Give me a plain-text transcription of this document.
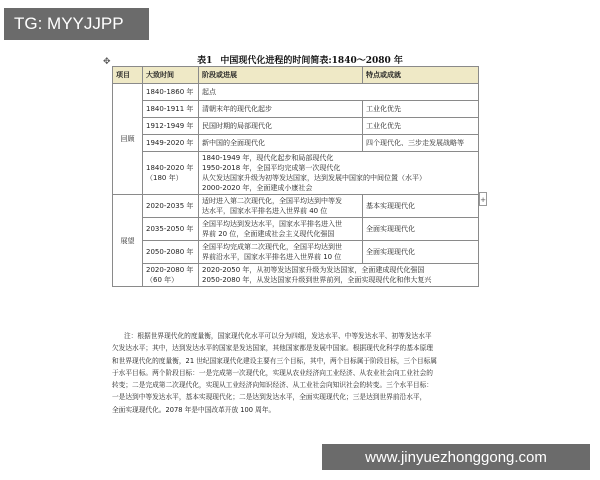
TG: MYYJJPP
✥	表1 中国现代化进程的时间简表:1840～2080 年
项目	大致时间	阶段或进展	特点或成就
回顾	1840-1860 年	起点	
	1840-1911 年	清朝末年的现代化起步	工业化优先
	1912-1949 年	民国时期的局部现代化	工业化优先
	1949-2020 年	新中国的全面现代化	四个现代化、三步走发展战略等

	1840-2020 年
（180 年）	1840-1949 年，现代化起步和局部现代化
1950-2018 年，全国平均完成第一次现代化
从欠发达国家升级为初等发达国家，达到发展中国家的中间位置（水平）
2000-2020 年，全面建成小康社会	

展望	2020-2035 年	适时进入第二次现代化，全国平均达到中等发
达水平，国家水平排名进入世界前 40 位	基本实现现代化
	2035-2050 年	全国平均达到发达水平，国家水平排名进入世
界前 20 位，全面建成社会主义现代化强国	全面实现现代化
	2050-2080 年	全国平均完成第二次现代化，全国平均达到世
界前沿水平，国家水平排名进入世界前 10 位	全面实现现代化

	2020-2080 年
（60 年）	2020-2050 年，从初等发达国家升级为发达国家，全面建成现代化强国
2050-2080 年，从发达国家升级到世界前列，全面实现现代化和伟大复兴	
+
注：根据世界现代化的度量衡，国家现代化水平可以分为四组，发达水平、中等发达水平、初等发达水平
欠发达水平；其中，达到发达水平的国家是发达国家，其他国家都是发展中国家。根据现代化科学的基本原理
和世界现代化的度量衡，21 世纪国家现代化建设主要有三个目标，其中，两个目标属于阶段目标，三个目标属
于水平目标。两个阶段目标：一是完成第一次现代化，实现从农业经济向工业经济、从农业社会向工业社会的
转变；二是完成第二次现代化，实现从工业经济向知识经济、从工业社会向知识社会的转变。三个水平目标：
一是达到中等发达水平，基本实现现代化；二是达到发达水平，全面实现现代化；三是达到世界前沿水平，
全面实现现代化。2078 年是中国改革开放 100 周年。
www.jinyuezhonggong.com
